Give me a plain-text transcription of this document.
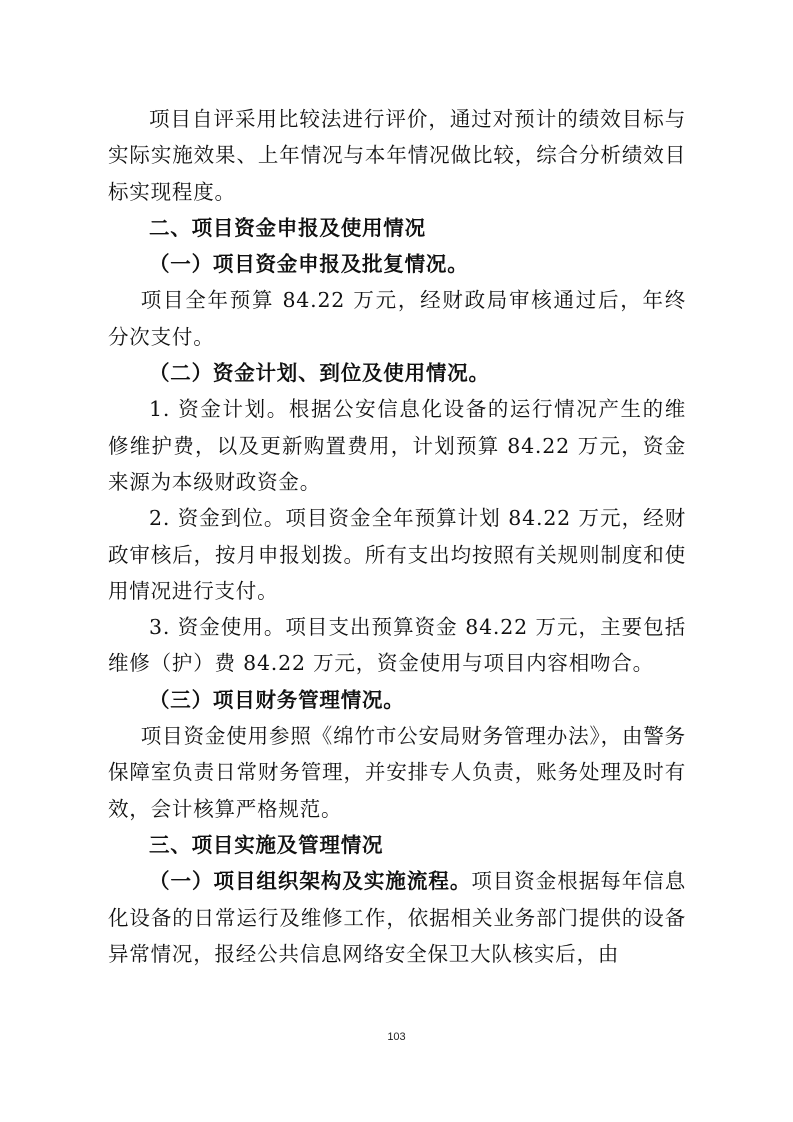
项目自评采用比较法进行评价，通过对预计的绩效目标与实际实施效果、上年情况与本年情况做比较，综合分析绩效目标实现程度。

二、项目资金申报及使用情况

（一）项目资金申报及批复情况。

项目全年预算 84.22 万元，经财政局审核通过后，年终分次支付。

（二）资金计划、到位及使用情况。

1. 资金计划。根据公安信息化设备的运行情况产生的维修维护费，以及更新购置费用，计划预算 84.22 万元，资金来源为本级财政资金。

2. 资金到位。项目资金全年预算计划 84.22 万元，经财政审核后，按月申报划拨。所有支出均按照有关规则制度和使用情况进行支付。

3. 资金使用。项目支出预算资金 84.22 万元，主要包括维修（护）费 84.22 万元，资金使用与项目内容相吻合。

（三）项目财务管理情况。

项目资金使用参照《绵竹市公安局财务管理办法》，由警务保障室负责日常财务管理，并安排专人负责，账务处理及时有效，会计核算严格规范。

三、项目实施及管理情况

（一）项目组织架构及实施流程。项目资金根据每年信息化设备的日常运行及维修工作，依据相关业务部门提供的设备异常情况，报经公共信息网络安全保卫大队核实后，由

103
